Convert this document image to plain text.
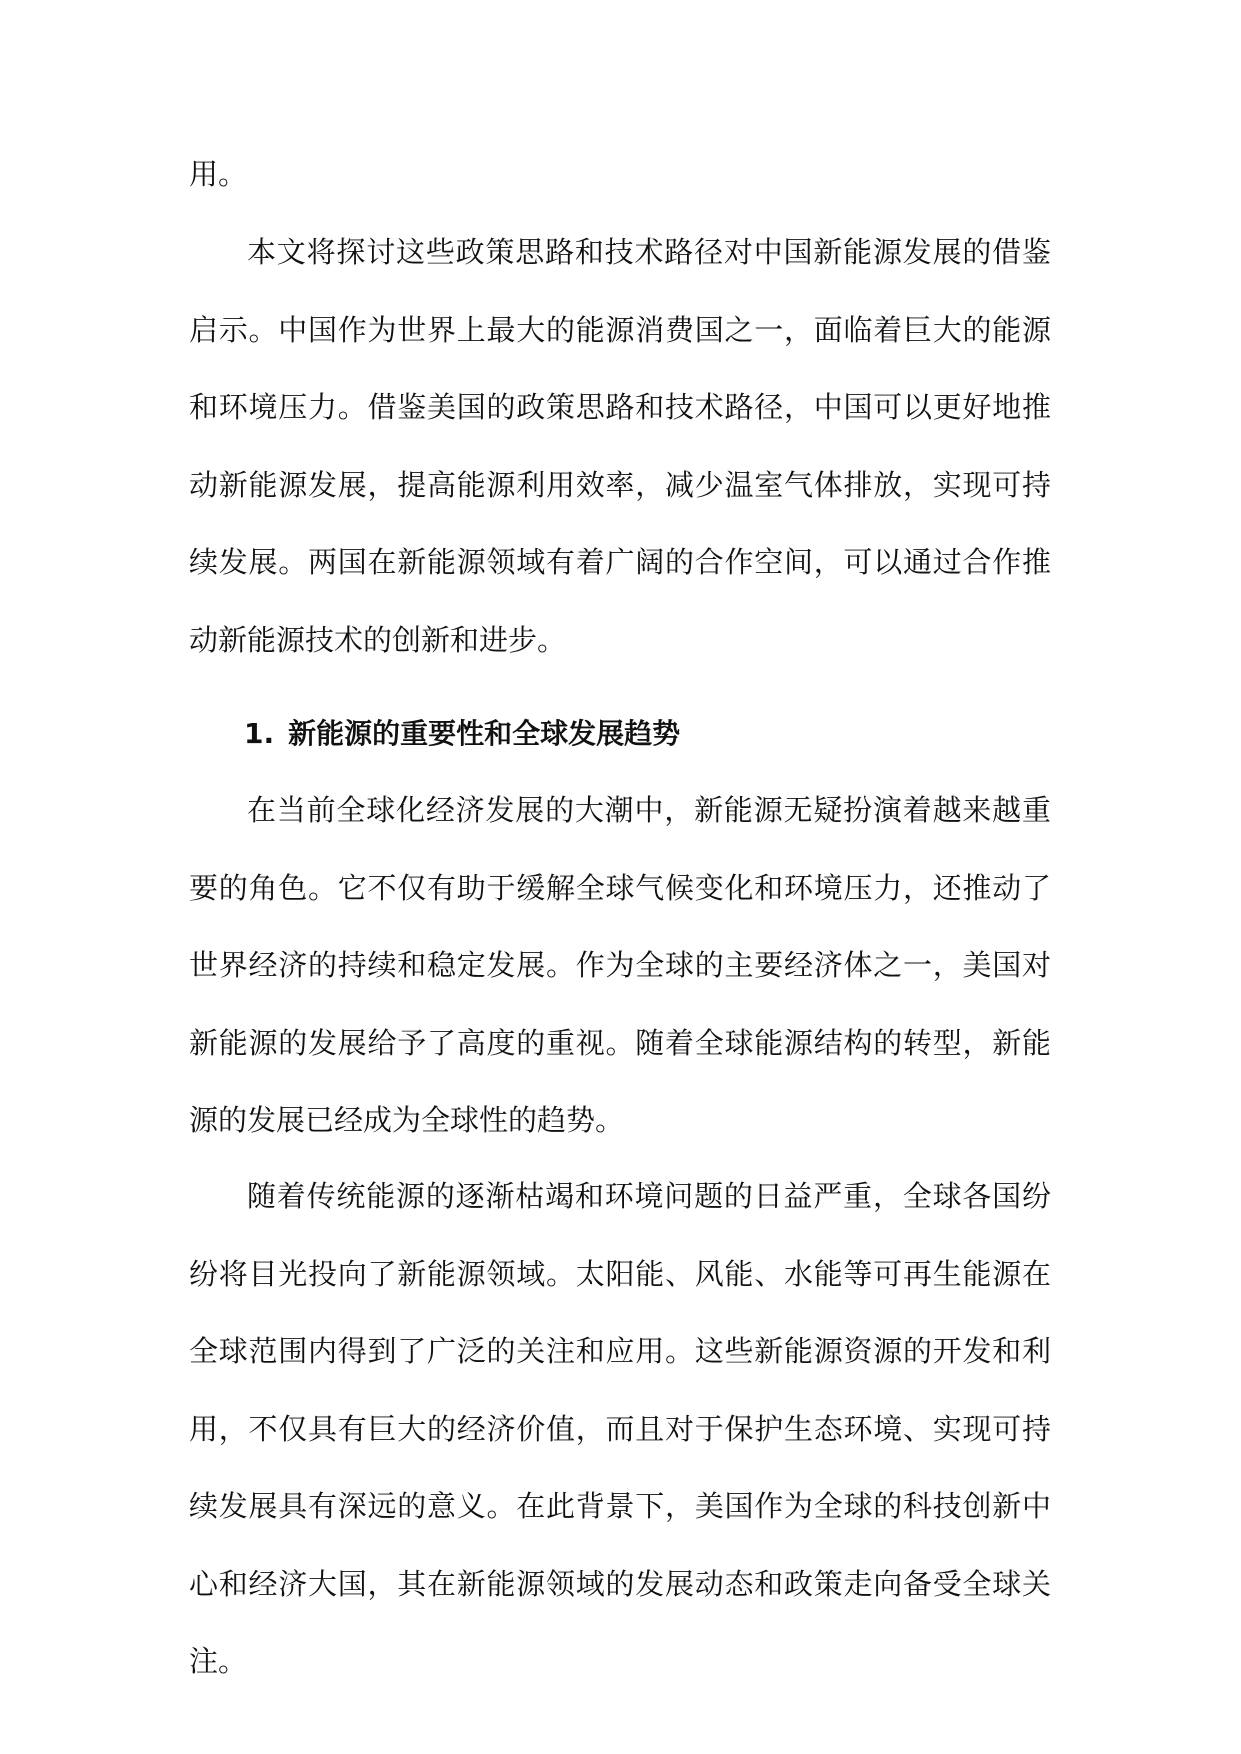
用。

本文将探讨这些政策思路和技术路径对中国新能源发展的借鉴启示。中国作为世界上最大的能源消费国之一，面临着巨大的能源和环境压力。借鉴美国的政策思路和技术路径，中国可以更好地推动新能源发展，提高能源利用效率，减少温室气体排放，实现可持续发展。两国在新能源领域有着广阔的合作空间，可以通过合作推动新能源技术的创新和进步。

1. 新能源的重要性和全球发展趋势

在当前全球化经济发展的大潮中，新能源无疑扮演着越来越重要的角色。它不仅有助于缓解全球气候变化和环境压力，还推动了世界经济的持续和稳定发展。作为全球的主要经济体之一，美国对新能源的发展给予了高度的重视。随着全球能源结构的转型，新能源的发展已经成为全球性的趋势。

随着传统能源的逐渐枯竭和环境问题的日益严重，全球各国纷纷将目光投向了新能源领域。太阳能、风能、水能等可再生能源在全球范围内得到了广泛的关注和应用。这些新能源资源的开发和利用，不仅具有巨大的经济价值，而且对于保护生态环境、实现可持续发展具有深远的意义。在此背景下，美国作为全球的科技创新中心和经济大国，其在新能源领域的发展动态和政策走向备受全球关注。
